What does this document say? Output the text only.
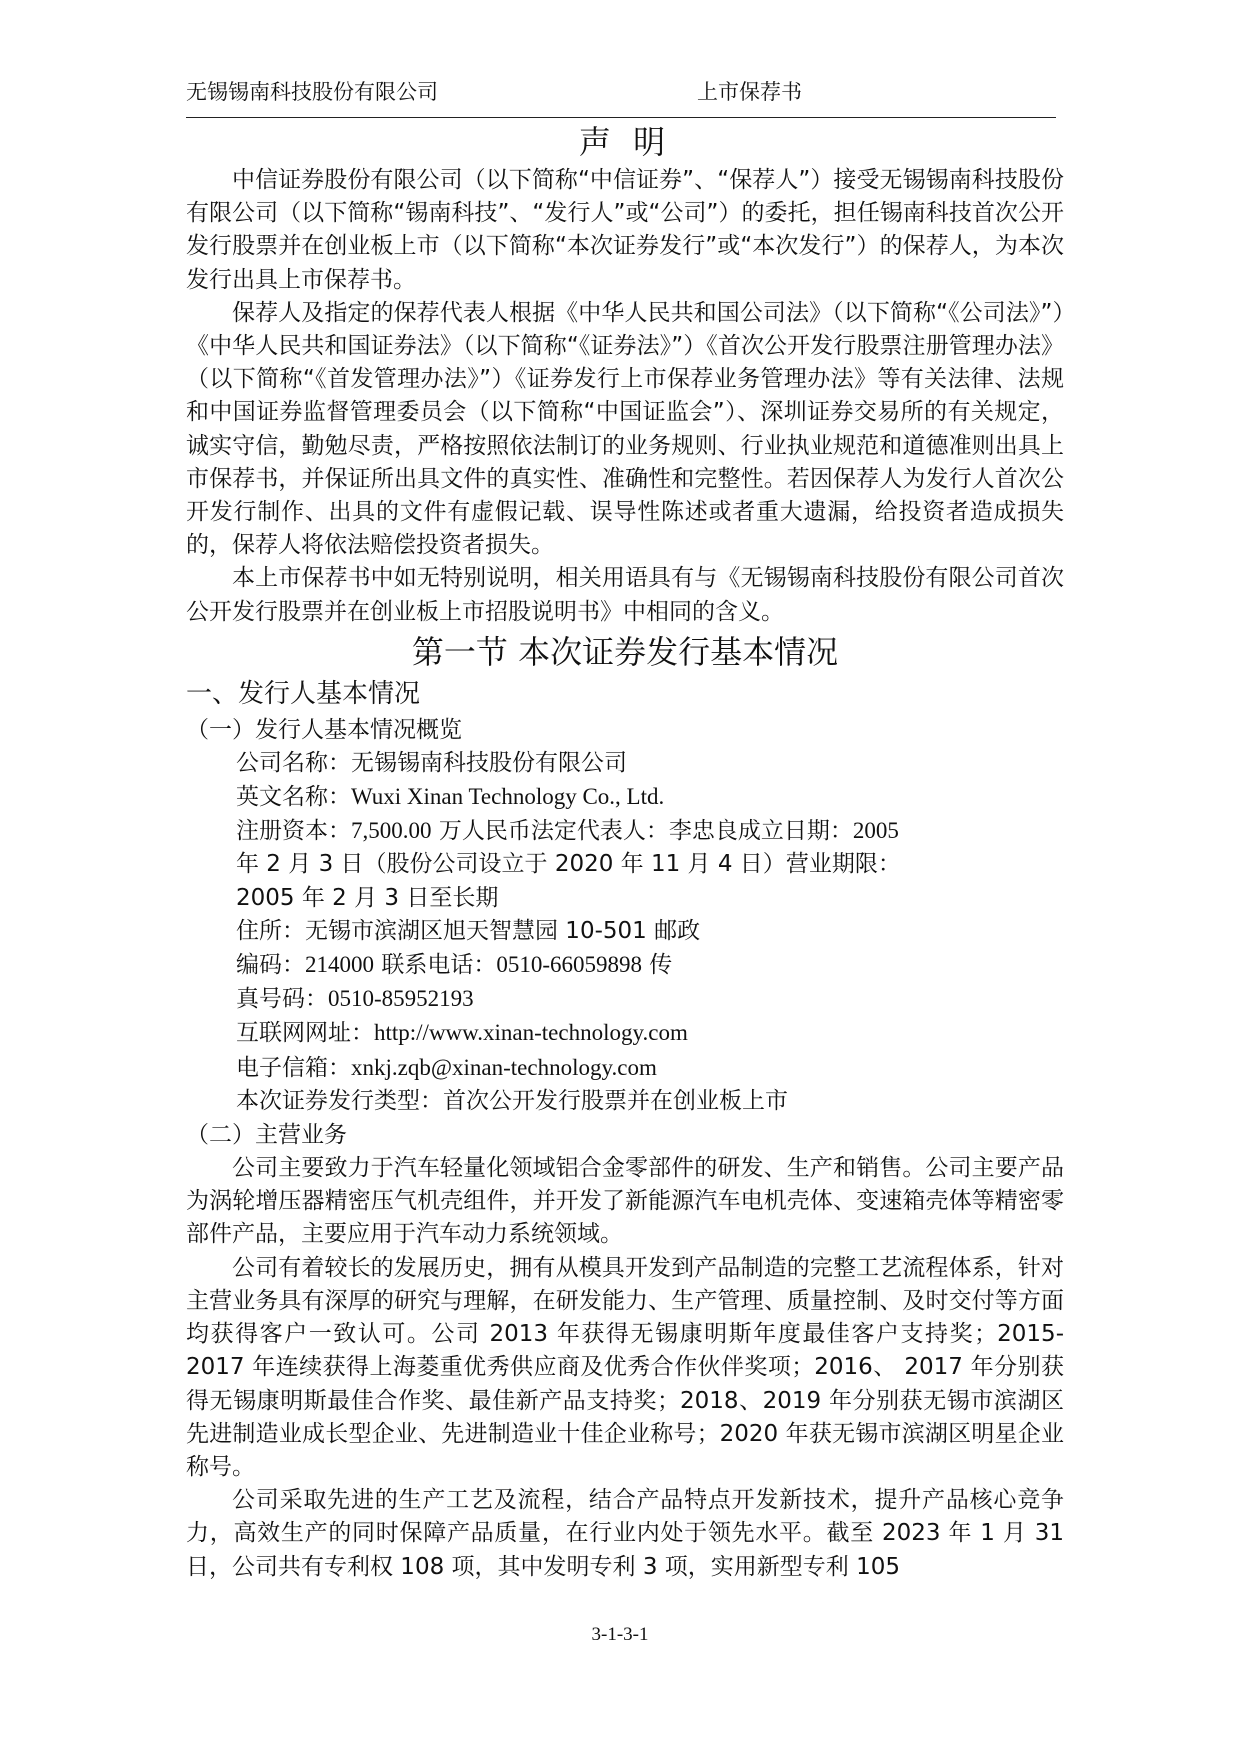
无锡锡南科技股份有限公司	上市保荐书
声 明

中信证券股份有限公司（以下简称“中信证券”、“保荐人”）接受无锡锡南科技股份有限公司（以下简称“锡南科技”、“发行人”或“公司”）的委托，担任锡南科技首次公开发行股票并在创业板上市（以下简称“本次证券发行”或“本次发行”）的保荐人，为本次发行出具上市保荐书。

保荐人及指定的保荐代表人根据《中华人民共和国公司法》（以下简称“《公司法》”）《中华人民共和国证券法》（以下简称“《证券法》”）《首次公开发行股票注册管理办法》（以下简称“《首发管理办法》”）《证券发行上市保荐业务管理办法》等有关法律、法规和中国证券监督管理委员会（以下简称“中国证监会”）、深圳证券交易所的有关规定，诚实守信，勤勉尽责，严格按照依法制订的业务规则、行业执业规范和道德准则出具上市保荐书，并保证所出具文件的真实性、准确性和完整性。若因保荐人为发行人首次公开发行制作、出具的文件有虚假记载、误导性陈述或者重大遗漏，给投资者造成损失的，保荐人将依法赔偿投资者损失。

本上市保荐书中如无特别说明，相关用语具有与《无锡锡南科技股份有限公司首次公开发行股票并在创业板上市招股说明书》中相同的含义。

第一节 本次证券发行基本情况
一、发行人基本情况
（一）发行人基本情况概览
公司名称：无锡锡南科技股份有限公司
英文名称：Wuxi Xinan Technology Co., Ltd.
注册资本：7,500.00 万人民币法定代表人：李忠良成立日期：2005
年 2 月 3 日（股份公司设立于 2020 年 11 月 4 日）营业期限：
2005 年 2 月 3 日至长期
住所：无锡市滨湖区旭天智慧园 10-501 邮政
编码：214000 联系电话：0510-66059898 传
真号码：0510-85952193
互联网网址：http://www.xinan-technology.com
电子信箱：xnkj.zqb@xinan-technology.com
本次证券发行类型：首次公开发行股票并在创业板上市
（二）主营业务

公司主要致力于汽车轻量化领域铝合金零部件的研发、生产和销售。公司主要产品为涡轮增压器精密压气机壳组件，并开发了新能源汽车电机壳体、变速箱壳体等精密零部件产品，主要应用于汽车动力系统领域。

公司有着较长的发展历史，拥有从模具开发到产品制造的完整工艺流程体系，针对主营业务具有深厚的研究与理解，在研发能力、生产管理、质量控制、及时交付等方面均获得客户一致认可。公司 2013 年获得无锡康明斯年度最佳客户支持奖；2015-2017 年连续获得上海菱重优秀供应商及优秀合作伙伴奖项；2016、 2017 年分别获得无锡康明斯最佳合作奖、最佳新产品支持奖；2018、2019 年分别获无锡市滨湖区先进制造业成长型企业、先进制造业十佳企业称号；2020 年获无锡市滨湖区明星企业称号。

公司采取先进的生产工艺及流程，结合产品特点开发新技术，提升产品核心竞争力，高效生产的同时保障产品质量，在行业内处于领先水平。截至 2023 年 1 月 31 日，公司共有专利权 108 项，其中发明专利 3 项，实用新型专利 105

3-1-3-1
